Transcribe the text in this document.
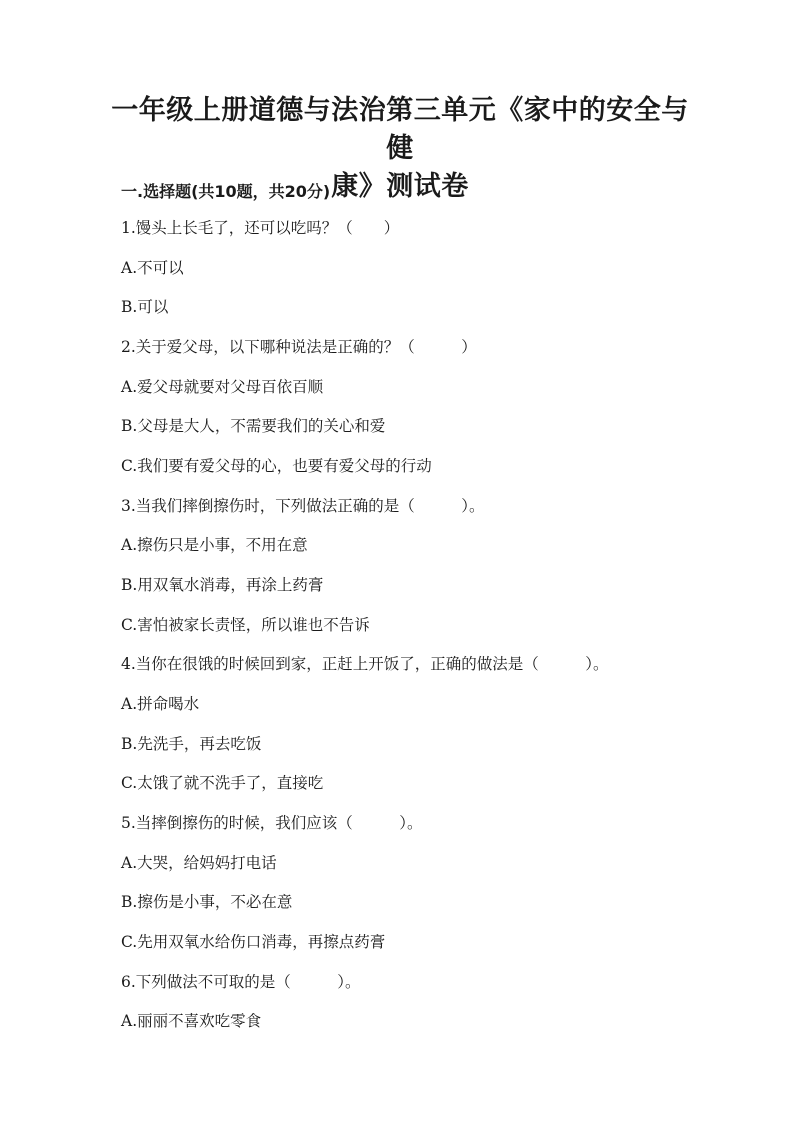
一年级上册道德与法治第三单元《家中的安全与健
康》测试卷
一.选择题(共10题，共20分)
1.馒头上长毛了，还可以吃吗？（　　）
A.不可以
B.可以
2.关于爱父母，以下哪种说法是正确的？（　　　）
A.爱父母就要对父母百依百顺
B.父母是大人，不需要我们的关心和爱
C.我们要有爱父母的心，也要有爱父母的行动
3.当我们摔倒擦伤时，下列做法正确的是（　　　）。
A.擦伤只是小事，不用在意
B.用双氧水消毒，再涂上药膏
C.害怕被家长责怪，所以谁也不告诉
4.当你在很饿的时候回到家，正赶上开饭了，正确的做法是（　　　）。
A.拼命喝水
B.先洗手，再去吃饭
C.太饿了就不洗手了，直接吃
5.当摔倒擦伤的时候，我们应该（　　　）。
A.大哭，给妈妈打电话
B.擦伤是小事，不必在意
C.先用双氧水给伤口消毒，再擦点药膏
6.下列做法不可取的是（　　　）。
A.丽丽不喜欢吃零食
